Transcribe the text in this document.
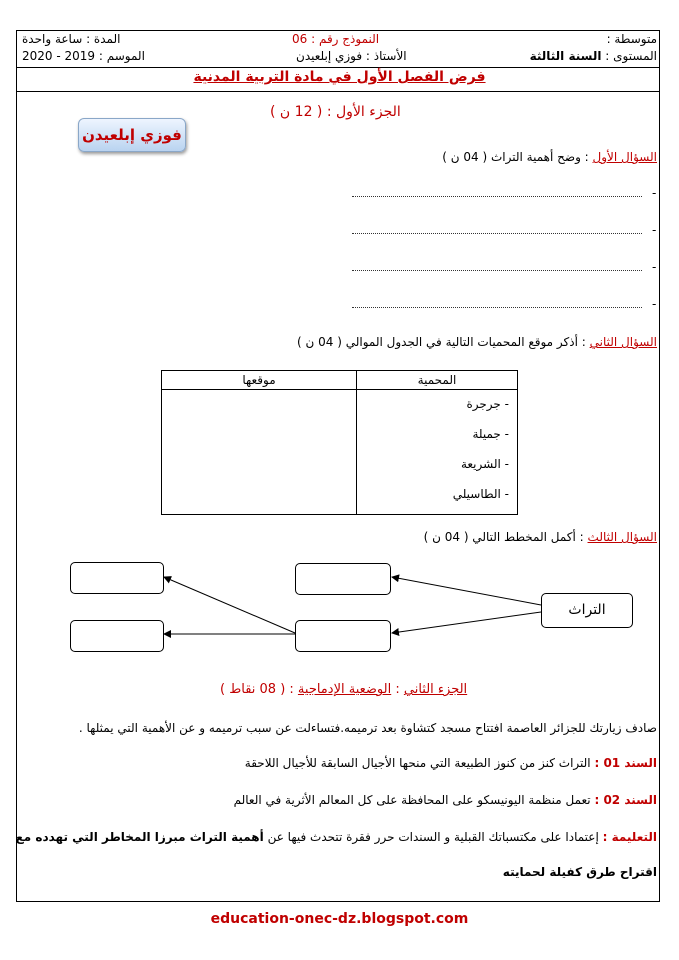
متوسطة :
النموذج رقم : 06
المدة : ساعة واحدة
المستوى : السنة الثالثة
الأستاذ : فوزي إبلعيدن
الموسم : 2019 - 2020
فرض الفصل الأول في مادة التربية المدنية
الجزء الأول : ( 12 ن )
فوزي إبلعيدن
السؤال الأول : وضح أهمية التراث ( 04 ن )
-
-
-
-
السؤال الثاني : أذكر موقع المحميات التالية في الجدول الموالي ( 04 ن )
المحمية	موقعها

- جرجرة
- جميلة
- الشريعة
- الطاسيلي	

السؤال الثالث : أكمل المخطط التالي ( 04 ن )
التراث
الجزء الثاني : الوضعية الإدماجية : ( 08 نقاط )
صادف زيارتك للجزائر العاصمة افتتاح مسجد كتشاوة بعد ترميمه.فتساءلت عن سبب ترميمه و عن الأهمية التي يمثلها .
السند 01 : التراث كنز من كنوز الطبيعة التي منحها الأجيال السابقة للأجيال اللاحقة
السند 02 : تعمل منظمة اليونيسكو على المحافظة على كل المعالم الأثرية في العالم
التعليمة : إعتمادا على مكتسباتك القبلية و السندات حرر فقرة تتحدث فيها عن أهمية التراث مبرزا المخاطر التي تهدده مع
اقتراح طرق كفيلة لحمايته
education-onec-dz.blogspot.com
